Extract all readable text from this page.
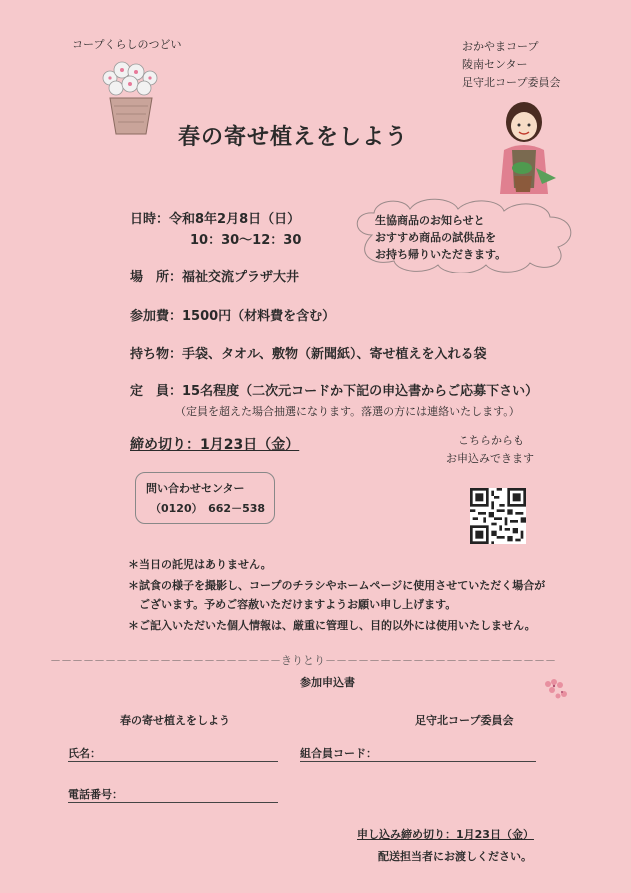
コープくらしのつどい	おかやまコープ
陵南センター
足守北コープ委員会
春の寄せ植えをしよう
生協商品のお知らせと
おすすめ商品の試供品を
お持ち帰りいただきます。
日時：令和8年2月8日（日）
10：30〜12：30
場　所：福祉交流プラザ大井
参加費：1500円（材料費を含む）
持ち物：手袋、タオル、敷物（新聞紙）、寄せ植えを入れる袋
定　員：15名程度（二次元コードか下記の申込書からご応募下さい）
（定員を超えた場合抽選になります。落選の方には連絡いたします。）
締め切り：1月23日（金）	こちらからも
お申込みできます
問い合わせセンター
（0120）　662－538
＊当日の託児はありません。
＊試食の様子を撮影し、コープのチラシやホームページに使用させていただく場合が
　ございます。予めご容赦いただけますようお願い申し上げます。
＊ご記入いただいた個人情報は、厳重に管理し、目的以外には使用いたしません。
－－－－－－－－－－－－－－－－－－－－－きりとり－－－－－－－－－－－－－－－－－－－－－
参加申込書
春の寄せ植えをしよう	足守北コープ委員会
氏名：	組合員コード：
電話番号：
申し込み締め切り：1月23日（金）
配送担当者にお渡しください。
